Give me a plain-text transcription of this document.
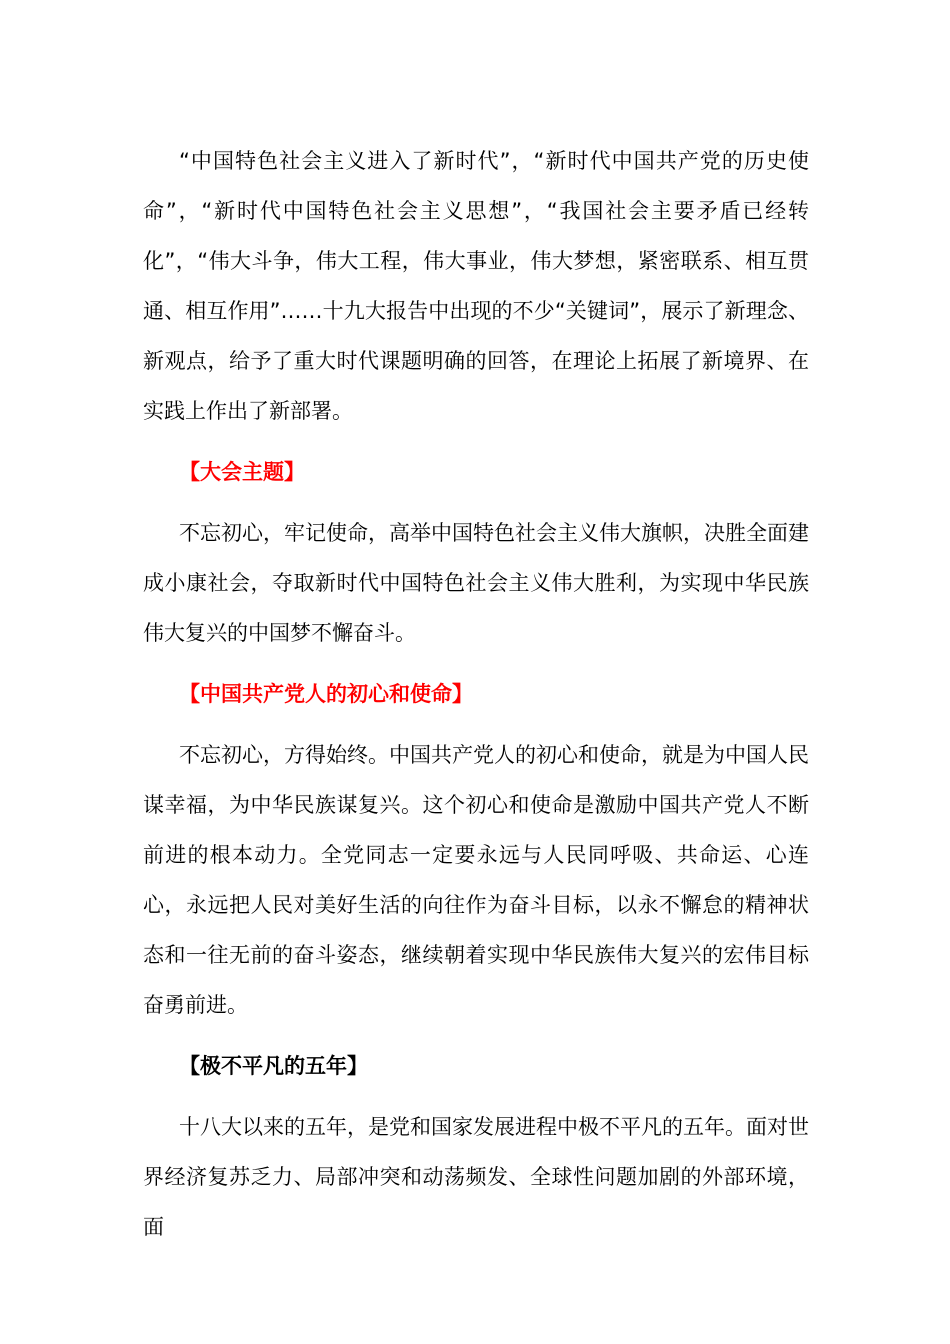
“中国特色社会主义进入了新时代”，“新时代中国共产党的历史使命”，“新时代中国特色社会主义思想”，“我国社会主要矛盾已经转化”，“伟大斗争，伟大工程，伟大事业，伟大梦想，紧密联系、相互贯通、相互作用”……十九大报告中出现的不少“关键词”，展示了新理念、新观点，给予了重大时代课题明确的回答，在理论上拓展了新境界、在实践上作出了新部署。

【大会主题】

不忘初心，牢记使命，高举中国特色社会主义伟大旗帜，决胜全面建成小康社会，夺取新时代中国特色社会主义伟大胜利，为实现中华民族伟大复兴的中国梦不懈奋斗。

【中国共产党人的初心和使命】

不忘初心，方得始终。中国共产党人的初心和使命，就是为中国人民谋幸福，为中华民族谋复兴。这个初心和使命是激励中国共产党人不断前进的根本动力。全党同志一定要永远与人民同呼吸、共命运、心连心，永远把人民对美好生活的向往作为奋斗目标，以永不懈怠的精神状态和一往无前的奋斗姿态，继续朝着实现中华民族伟大复兴的宏伟目标奋勇前进。

【极不平凡的五年】

十八大以来的五年，是党和国家发展进程中极不平凡的五年。面对世界经济复苏乏力、局部冲突和动荡频发、全球性问题加剧的外部环境，面
